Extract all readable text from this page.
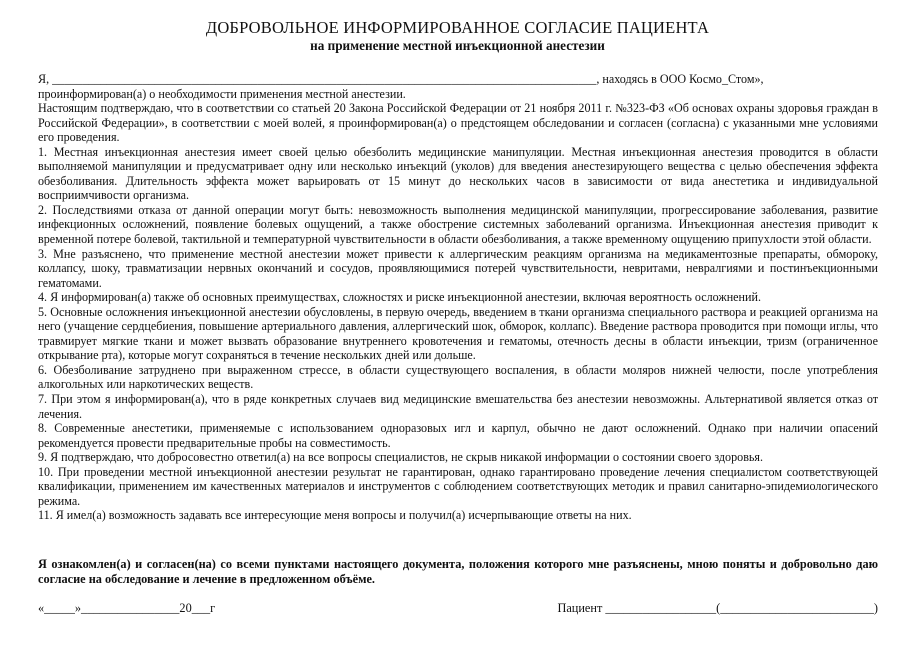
ДОБРОВОЛЬНОЕ ИНФОРМИРОВАННОЕ СОГЛАСИЕ ПАЦИЕНТА
на применение местной инъекционной анестезии

Я, __________________________________________________________________________________________, находясь в ООО Космо_Стом»,

проинформирован(а) о необходимости применения местной анестезии.

Настоящим подтверждаю, что в соответствии со статьей 20 Закона Российской Федерации от 21 ноября 2011 г. №323-ФЗ «Об основах охраны здоровья граждан в Российской Федерации», в соответствии с моей волей, я проинформирован(а) о предстоящем обследовании и согласен (согласна) с указанными мне условиями его проведения.

1. Местная инъекционная анестезия имеет своей целью обезболить медицинские манипуляции. Местная инъекционная анестезия проводится в области выполняемой манипуляции и предусматривает одну или несколько инъекций (уколов) для введения анестезирующего вещества с целью обеспечения эффекта обезболивания. Длительность эффекта может варьировать от 15 минут до нескольких часов в зависимости от вида анестетика и индивидуальной восприимчивости организма.

2. Последствиями отказа от данной операции могут быть: невозможность выполнения медицинской манипуляции, прогрессирование заболевания, развитие инфекционных осложнений, появление болевых ощущений, а также обострение системных заболеваний организма. Инъекционная анестезия приводит к временной потере болевой, тактильной и температурной чувствительности в области обезболивания, а также временному ощущению припухлости этой области.

3. Мне разъяснено, что применение местной анестезии может привести к аллергическим реакциям организма на медикаментозные препараты, обмороку, коллапсу, шоку, травматизации нервных окончаний и сосудов, проявляющимися потерей чувствительности, невритами, невралгиями и постинъекционными гематомами.

4. Я информирован(а) также об основных преимуществах, сложностях и риске инъекционной анестезии, включая вероятность осложнений.

5. Основные осложнения инъекционной анестезии обусловлены, в первую очередь, введением в ткани организма специального раствора и реакцией организма на него (учащение сердцебиения, повышение артериального давления, аллергический шок, обморок, коллапс). Введение раствора проводится при помощи иглы, что травмирует мягкие ткани и может вызвать образование внутреннего кровотечения и гематомы, отечность десны в области инъекции, тризм (ограниченное открывание рта), которые могут сохраняться в течение нескольких дней или дольше.

6. Обезболивание затруднено при выраженном стрессе, в области существующего воспаления, в области моляров нижней челюсти, после употребления алкогольных или наркотических веществ.

7. При этом я информирован(а), что в ряде конкретных случаев вид медицинские вмешательства без анестезии невозможны. Альтернативой является отказ от лечения.

8. Современные анестетики, применяемые с использованием одноразовых игл и карпул, обычно не дают осложнений. Однако при наличии опасений рекомендуется провести предварительные пробы на совместимость.

9. Я подтверждаю, что добросовестно ответил(а) на все вопросы специалистов, не скрыв никакой информации о состоянии своего здоровья.

10. При проведении местной инъекционной анестезии результат не гарантирован, однако гарантировано проведение лечения специалистом соответствующей квалификации, применением им качественных материалов и инструментов с соблюдением соответствующих методик и правил санитарно-эпидемиологического режима.

11. Я имел(а) возможность задавать все интересующие меня вопросы и получил(а) исчерпывающие ответы на них.

Я ознакомлен(а) и согласен(на) со всеми пунктами настоящего документа, положения которого мне разъяснены, мною поняты и добровольно даю согласие на обследование и лечение в предложенном объёме.
«_____»________________20___г	Пациент __________________(_________________________)
